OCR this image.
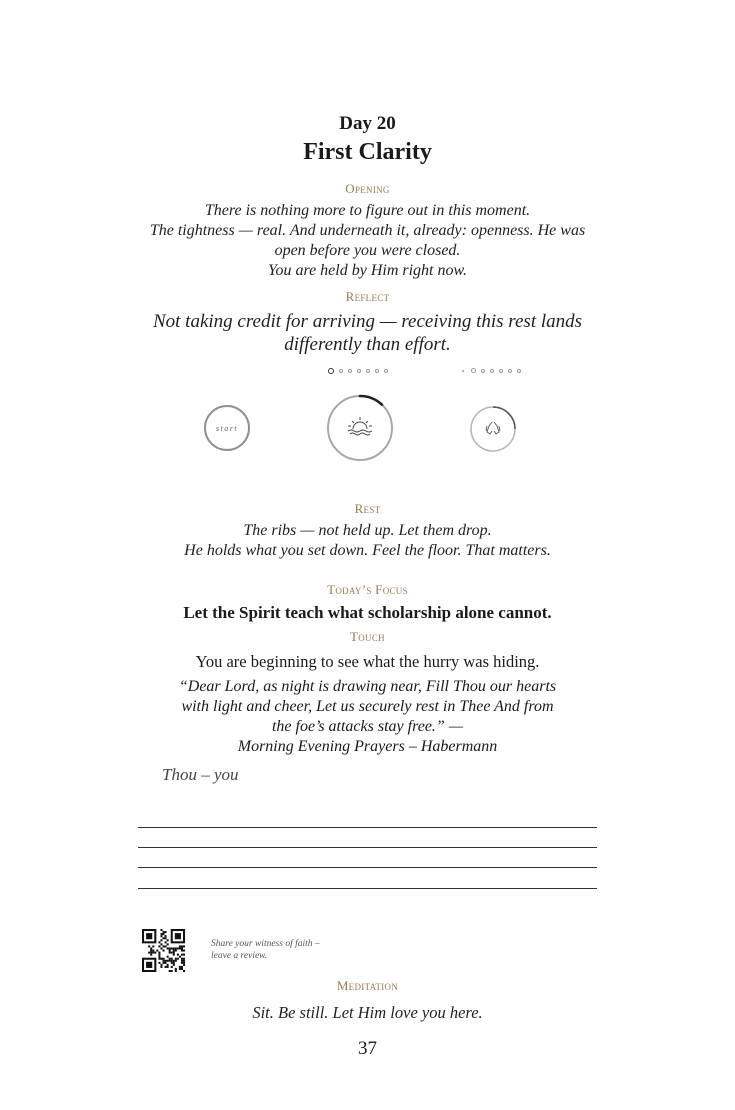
Day 20
First Clarity
Opening
There is nothing more to figure out in this moment.
The tightness — real. And underneath it, already: openness. He was
open before you were closed.
You are held by Him right now.
Reflect
Not taking credit for arriving — receiving this rest lands
differently than effort.
start
Rest
The ribs — not held up. Let them drop.
He holds what you set down. Feel the floor. That matters.
Today’s Focus
Let the Spirit teach what scholarship alone cannot.
Touch
You are beginning to see what the hurry was hiding.
“Dear Lord, as night is drawing near, Fill Thou our hearts
with light and cheer, Let us securely rest in Thee And from
the foe’s attacks stay free.” —
Morning Evening Prayers – Habermann
Thou – you
Share your witness of faith –
leave a review.
Meditation
Sit. Be still. Let Him love you here.
37
